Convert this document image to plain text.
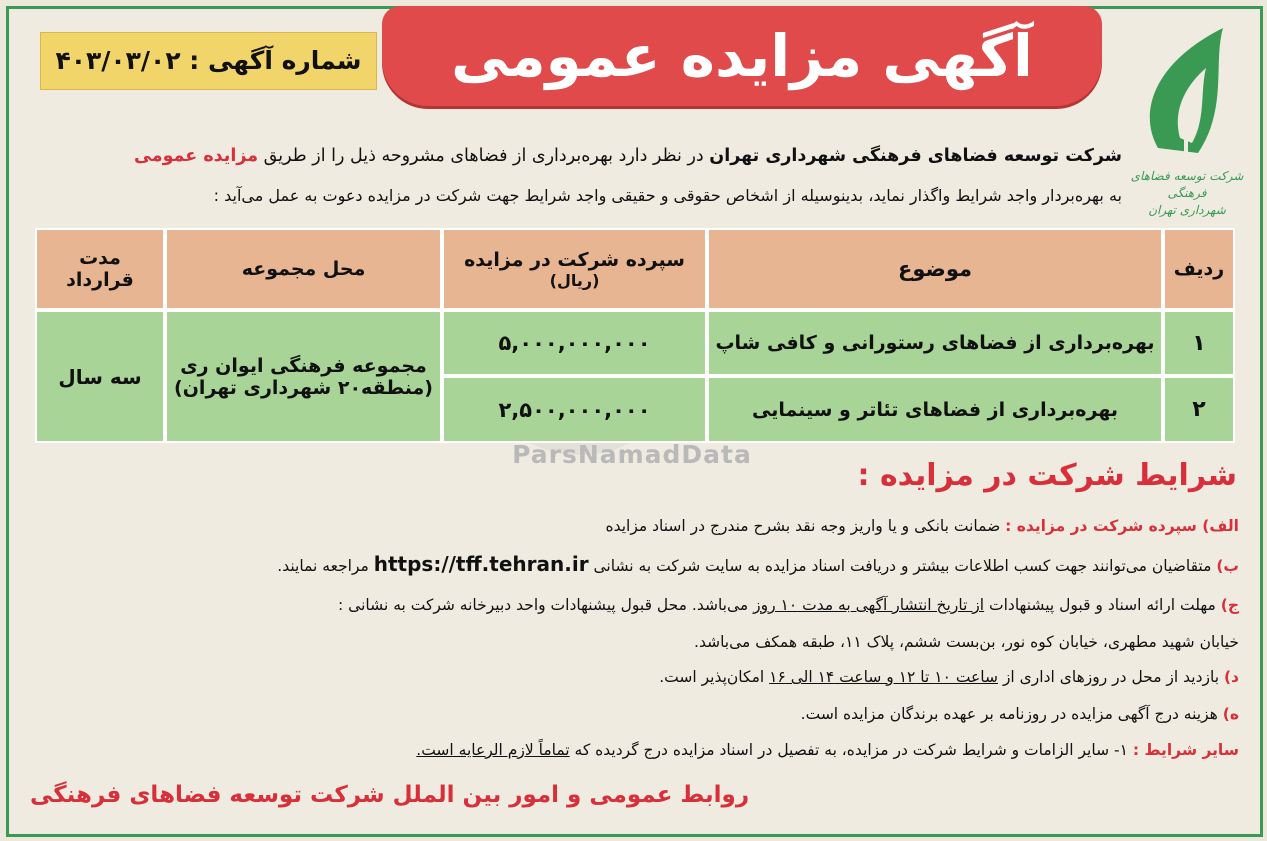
آگهی مزایده عمومی
شماره آگهی : ۴۰۳/۰۳/۰۲
شرکت توسعه فضاهای فرهنگی
شهرداری تهران
شرکت توسعه فضاهای فرهنگی شهرداری تهران در نظر دارد بهره‌برداری از فضاهای مشروحه ذیل را از طریق مزایده عمومی
به بهره‌بردار واجد شرایط واگذار نماید، بدینوسیله از اشخاص حقوقی و حقیقی واجد شرایط جهت شرکت در مزایده دعوت به عمل می‌آید :
ردیف
موضوع
سپرده شرکت در مزایده
(ریال)
محل مجموعه
مدت
قرارداد
۱
بهره‌برداری از فضاهای رستورانی و کافی شاپ
۵,۰۰۰,۰۰۰,۰۰۰
۲
بهره‌برداری از فضاهای تئاتر و سینمایی
۲,۵۰۰,۰۰۰,۰۰۰
مجموعه فرهنگی ایوان ری
(منطقه۲۰ شهرداری تهران)
سه سال
ParsNamadData
شرایط شرکت در مزایده :
الف) سپرده شرکت در مزایده : ضمانت بانکی و یا واریز وجه نقد بشرح مندرج در اسناد مزایده
ب) متقاضیان می‌توانند جهت کسب اطلاعات بیشتر و دریافت اسناد مزایده به سایت شرکت به نشانی https://tff.tehran.ir مراجعه نمایند.
ج) مهلت ارائه اسناد و قبول پیشنهادات از تاریخ انتشار آگهی به مدت ۱۰ روز می‌باشد. محل قبول پیشنهادات واحد دبیرخانه شرکت به نشانی :
خیابان شهید مطهری، خیابان کوه نور، بن‌بست ششم، پلاک ۱۱، طبقه همکف می‌باشد.
د) بازدید از محل در روزهای اداری از ساعت ۱۰ تا ۱۲ و ساعت ۱۴ الی ۱۶ امکان‌پذیر است.
ه) هزینه درج آگهی مزایده در روزنامه بر عهده برندگان مزایده است.
سایر شرایط : ۱- سایر الزامات و شرایط شرکت در مزایده، به تفصیل در اسناد مزایده درج گردیده که تماماً لازم الرعایه است.
روابط عمومی و امور بین الملل شرکت توسعه فضاهای فرهنگی
